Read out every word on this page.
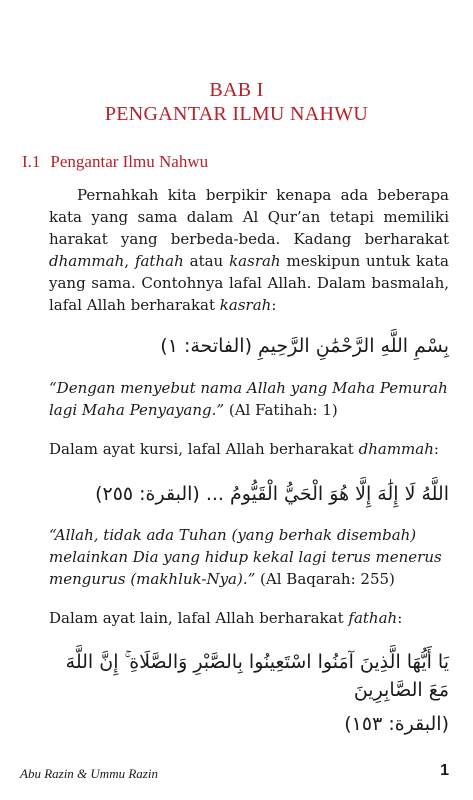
BAB I
PENGANTAR ILMU NAHWU
I.1 Pengantar Ilmu Nahwu

Pernahkah kita berpikir kenapa ada beberapa kata yang sama dalam Al Qur’an tetapi memiliki harakat yang berbeda-beda. Kadang berharakat dhammah, fathah atau kasrah meskipun untuk kata yang sama. Contohnya lafal Allah. Dalam basmalah, lafal Allah berharakat kasrah:

بِسْمِ اللَّهِ الرَّحْمَٰنِ الرَّحِيمِ (الفاتحة: ١)

“Dengan menyebut nama Allah yang Maha Pemurah lagi Maha Penyayang.” (Al Fatihah: 1)

Dalam ayat kursi, lafal Allah berharakat dhammah:

اللَّهُ لَا إِلَٰهَ إِلَّا هُوَ الْحَيُّ الْقَيُّومُ ... (البقرة: ٢٥٥)

“Allah, tidak ada Tuhan (yang berhak disembah) melainkan Dia yang hidup kekal lagi terus menerus mengurus (makhluk-Nya).” (Al Baqarah: 255)

Dalam ayat lain, lafal Allah berharakat fathah:

يَا أَيُّهَا الَّذِينَ آمَنُوا اسْتَعِينُوا بِالصَّبْرِ وَالصَّلَاةِ ۚ إِنَّ اللَّهَ مَعَ الصَّابِرِينَ
(البقرة: ١٥٣)
Abu Razin & Ummu Razin	1
